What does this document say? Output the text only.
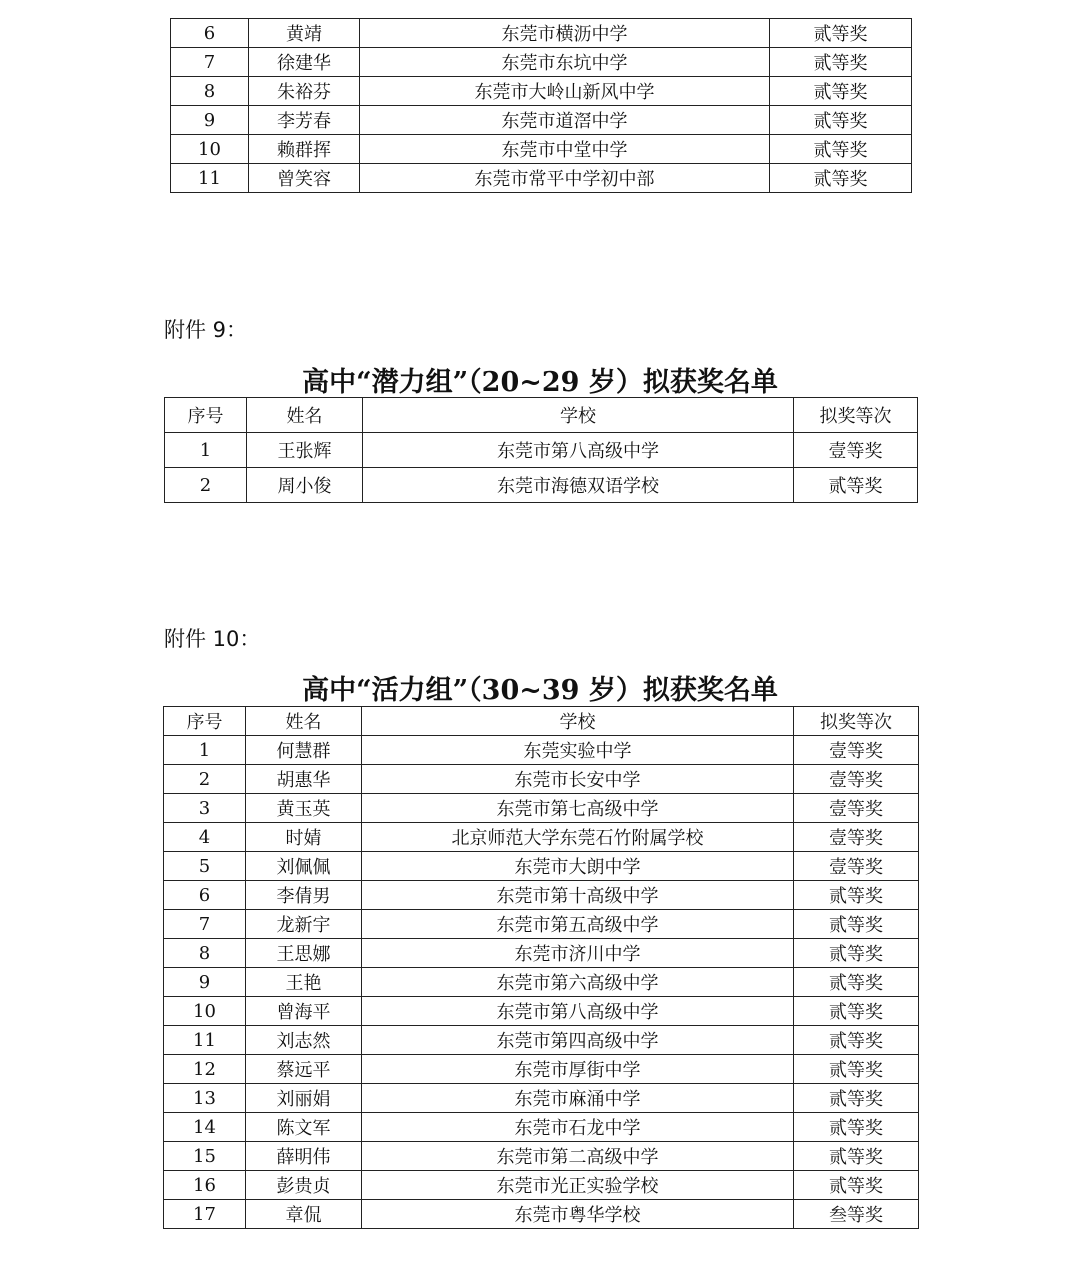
6	黄靖	东莞市横沥中学	贰等奖
7	徐建华	东莞市东坑中学	贰等奖
8	朱裕芬	东莞市大岭山新风中学	贰等奖
9	李芳春	东莞市道滘中学	贰等奖
10	赖群挥	东莞市中堂中学	贰等奖
11	曾笑容	东莞市常平中学初中部	贰等奖
附件 9：
高中“潜力组”（20~29 岁）拟获奖名单
序号	姓名	学校	拟奖等次
1	王张辉	东莞市第八高级中学	壹等奖
2	周小俊	东莞市海德双语学校	贰等奖
附件 10：
高中“活力组”（30~39 岁）拟获奖名单
序号	姓名	学校	拟奖等次
1	何慧群	东莞实验中学	壹等奖
2	胡惠华	东莞市长安中学	壹等奖
3	黄玉英	东莞市第七高级中学	壹等奖
4	时婧	北京师范大学东莞石竹附属学校	壹等奖
5	刘佩佩	东莞市大朗中学	壹等奖
6	李倩男	东莞市第十高级中学	贰等奖
7	龙新宇	东莞市第五高级中学	贰等奖
8	王思娜	东莞市济川中学	贰等奖
9	王艳	东莞市第六高级中学	贰等奖
10	曾海平	东莞市第八高级中学	贰等奖
11	刘志然	东莞市第四高级中学	贰等奖
12	蔡远平	东莞市厚街中学	贰等奖
13	刘丽娟	东莞市麻涌中学	贰等奖
14	陈文军	东莞市石龙中学	贰等奖
15	薛明伟	东莞市第二高级中学	贰等奖
16	彭贵贞	东莞市光正实验学校	贰等奖
17	章侃	东莞市粤华学校	叁等奖
